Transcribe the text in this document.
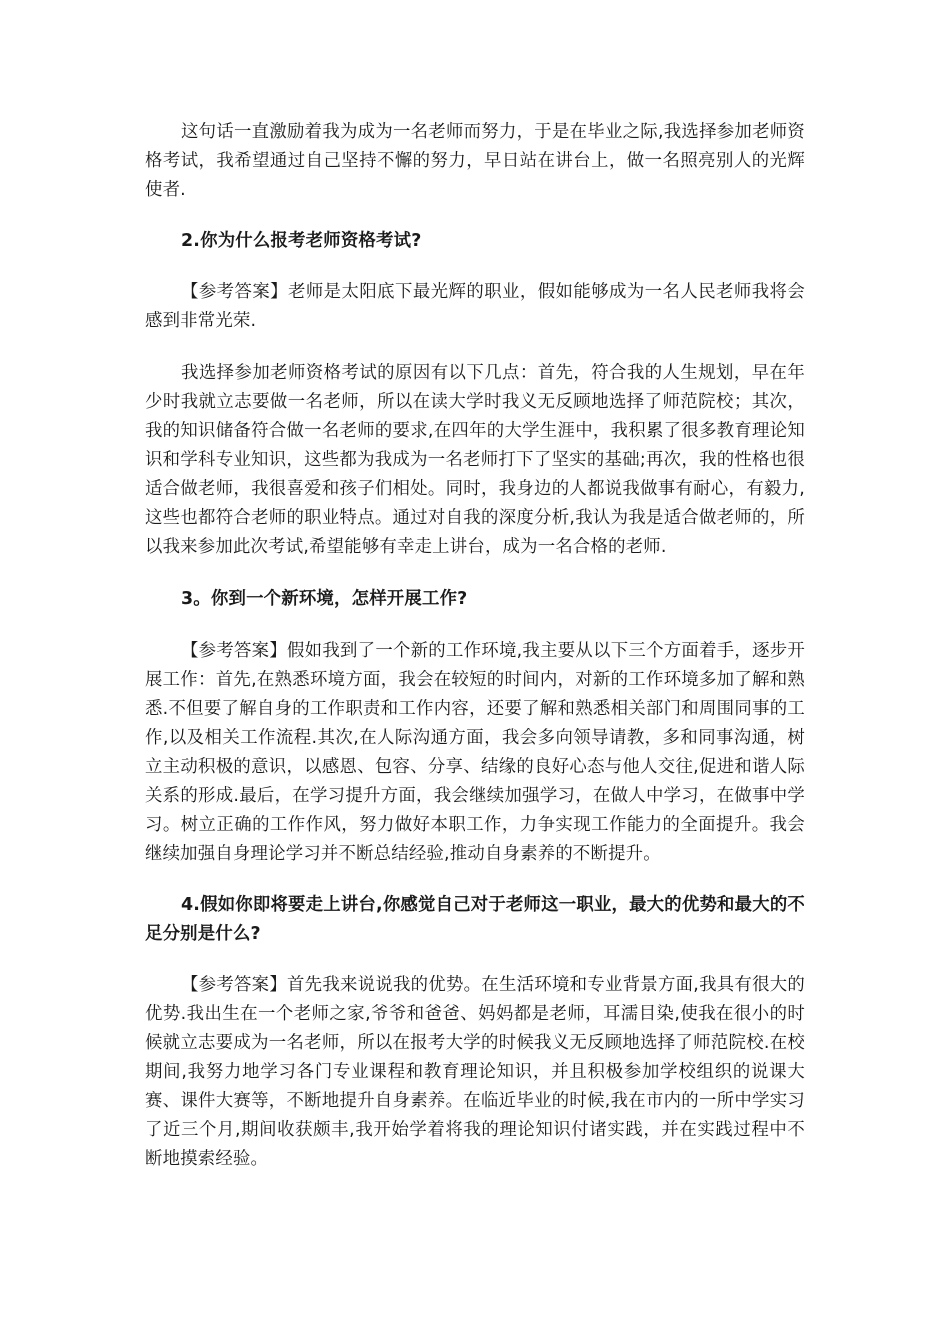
这句话一直激励着我为成为一名老师而努力，于是在毕业之际,我选择参加老师资格考试，我希望通过自己坚持不懈的努力，早日站在讲台上，做一名照亮别人的光辉使者.

2.你为什么报考老师资格考试?

【参考答案】老师是太阳底下最光辉的职业，假如能够成为一名人民老师我将会感到非常光荣.

我选择参加老师资格考试的原因有以下几点：首先，符合我的人生规划，早在年少时我就立志要做一名老师，所以在读大学时我义无反顾地选择了师范院校；其次，我的知识储备符合做一名老师的要求,在四年的大学生涯中，我积累了很多教育理论知识和学科专业知识，这些都为我成为一名老师打下了坚实的基础;再次，我的性格也很适合做老师，我很喜爱和孩子们相处。同时，我身边的人都说我做事有耐心，有毅力,这些也都符合老师的职业特点。通过对自我的深度分析,我认为我是适合做老师的，所以我来参加此次考试,希望能够有幸走上讲台，成为一名合格的老师.

3。你到一个新环境，怎样开展工作?

【参考答案】假如我到了一个新的工作环境,我主要从以下三个方面着手，逐步开展工作：首先,在熟悉环境方面，我会在较短的时间内，对新的工作环境多加了解和熟悉.不但要了解自身的工作职责和工作内容，还要了解和熟悉相关部门和周围同事的工作,以及相关工作流程.其次,在人际沟通方面，我会多向领导请教，多和同事沟通，树立主动积极的意识，以感恩、包容、分享、结缘的良好心态与他人交往,促进和谐人际关系的形成.最后，在学习提升方面，我会继续加强学习，在做人中学习，在做事中学习。树立正确的工作作风，努力做好本职工作，力争实现工作能力的全面提升。我会继续加强自身理论学习并不断总结经验,推动自身素养的不断提升。

4.假如你即将要走上讲台,你感觉自己对于老师这一职业，最大的优势和最大的不足分别是什么?

【参考答案】首先我来说说我的优势。在生活环境和专业背景方面,我具有很大的优势.我出生在一个老师之家,爷爷和爸爸、妈妈都是老师，耳濡目染,使我在很小的时候就立志要成为一名老师，所以在报考大学的时候我义无反顾地选择了师范院校.在校期间,我努力地学习各门专业课程和教育理论知识，并且积极参加学校组织的说课大赛、课件大赛等，不断地提升自身素养。在临近毕业的时候,我在市内的一所中学实习了近三个月,期间收获颇丰,我开始学着将我的理论知识付诸实践，并在实践过程中不断地摸索经验。
